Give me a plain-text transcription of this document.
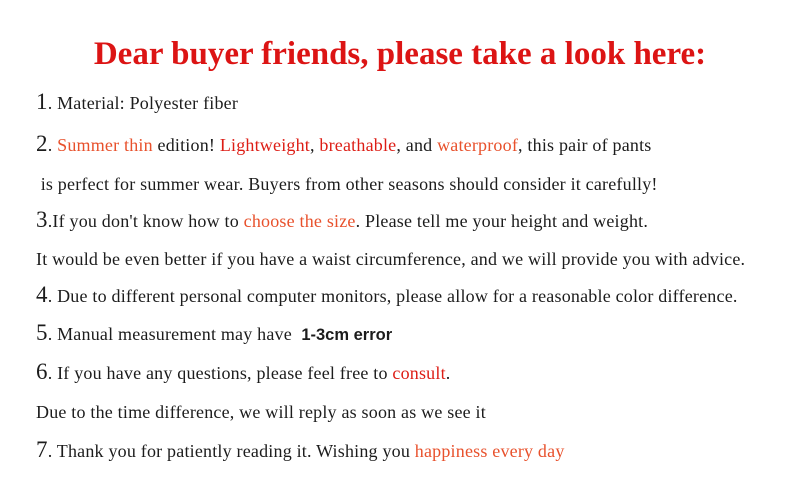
Dear buyer friends, please take a look here:
1. Material: Polyester fiber
2. Summer thin edition! Lightweight, breathable, and waterproof, this pair of pants
is perfect for summer wear. Buyers from other seasons should consider it carefully!
3.If you don't know how to choose the size. Please tell me your height and weight.
It would be even better if you have a waist circumference, and we will provide you with advice.
4. Due to different personal computer monitors, please allow for a reasonable color difference.
5. Manual measurement may have  1-3cm error
6. If you have any questions, please feel free to consult.
Due to the time difference, we will reply as soon as we see it
7. Thank you for patiently reading it. Wishing you happiness every day
